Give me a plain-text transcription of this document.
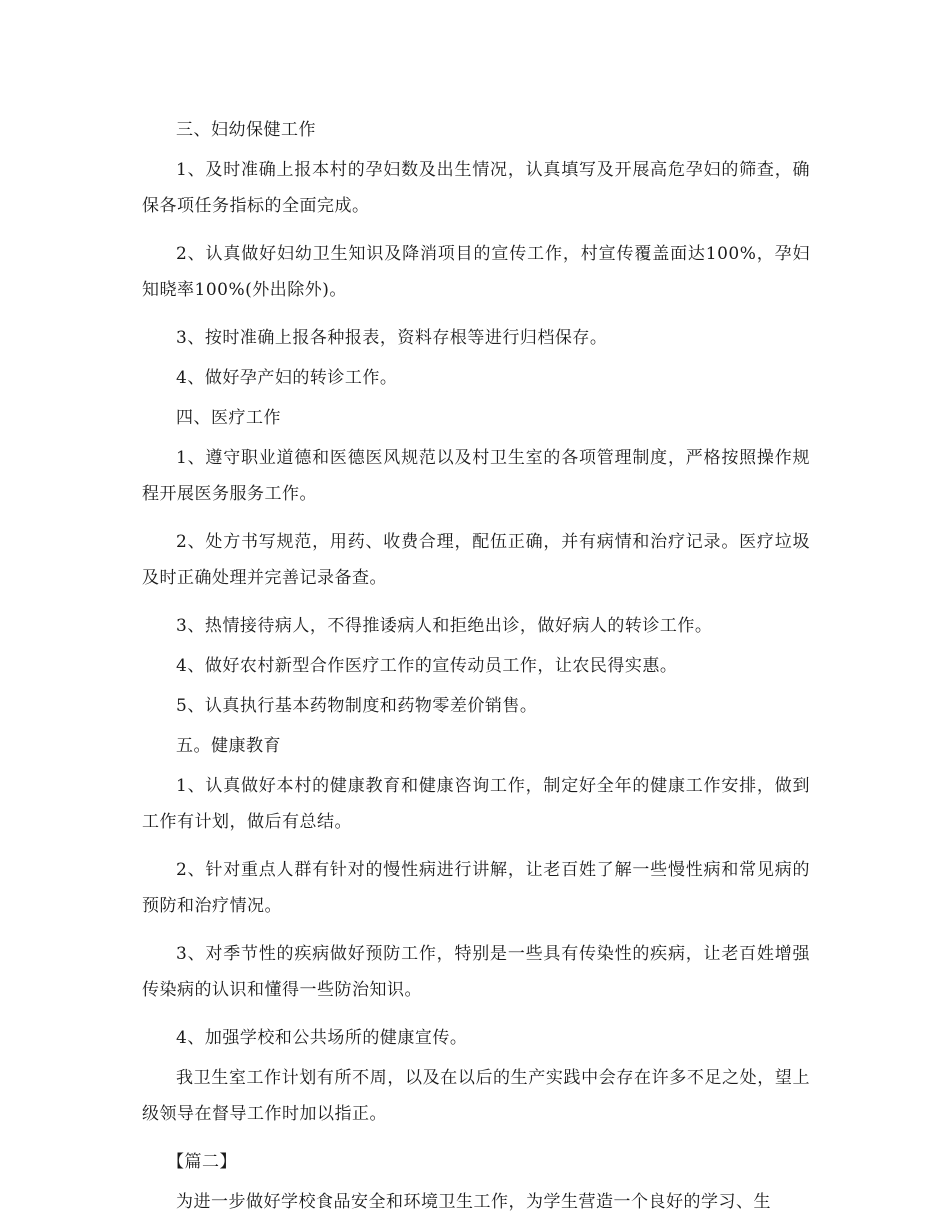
三、妇幼保健工作

1、及时准确上报本村的孕妇数及出生情况，认真填写及开展高危孕妇的筛查，确保各项任务指标的全面完成。

2、认真做好妇幼卫生知识及降消项目的宣传工作，村宣传覆盖面达100%，孕妇知晓率100%(外出除外)。

3、按时准确上报各种报表，资料存根等进行归档保存。

4、做好孕产妇的转诊工作。

四、医疗工作

1、遵守职业道德和医德医风规范以及村卫生室的各项管理制度，严格按照操作规程开展医务服务工作。

2、处方书写规范，用药、收费合理，配伍正确，并有病情和治疗记录。医疗垃圾及时正确处理并完善记录备查。

3、热情接待病人，不得推诿病人和拒绝出诊，做好病人的转诊工作。

4、做好农村新型合作医疗工作的宣传动员工作，让农民得实惠。

5、认真执行基本药物制度和药物零差价销售。

五。健康教育

1、认真做好本村的健康教育和健康咨询工作，制定好全年的健康工作安排，做到工作有计划，做后有总结。

2、针对重点人群有针对的慢性病进行讲解，让老百姓了解一些慢性病和常见病的预防和治疗情况。

3、对季节性的疾病做好预防工作，特别是一些具有传染性的疾病，让老百姓增强传染病的认识和懂得一些防治知识。

4、加强学校和公共场所的健康宣传。

我卫生室工作计划有所不周，以及在以后的生产实践中会存在许多不足之处，望上级领导在督导工作时加以指正。

【篇二】

为进一步做好学校食品安全和环境卫生工作，为学生营造一个良好的学习、生
